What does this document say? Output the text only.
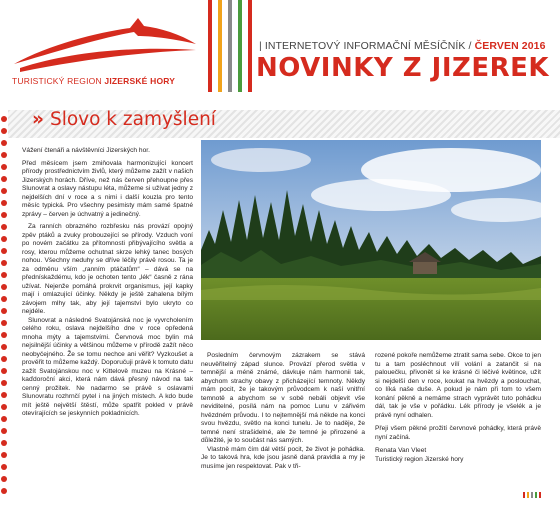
TURISTICKÝ REGION JIZERSKÉ HORY
| INTERNETOVÝ INFORMAČNÍ MĚSÍČNÍK / ČERVEN 2016
NOVINKY Z JIZEREK
» Slovo k zamyšlení

Vážení čtenáři a návštěvníci Jizerských hor.

Před měsícem jsem zmiňovala harmonizující koncert přírody prostřednictvím živlů, který můžeme zažít v našich Jizerských horách. Dříve, než nás červen přehoupne přes Slunovrat a oslavy nástupu léta, můžeme si užívat jedny z nejdelších dní v roce a s nimi i další kouzla pro tento měsíc typická. Pro všechny pesimisty mám samé špatné zprávy – červen je úchvatný a jedinečný.

Za ranních obrazného rozbřesku nás provází opojný zpěv ptáků a zvuky probouzející se přírody. Vzduch voní po novém začátku za přítomnosti přibývajícího světla a rosy, kterou můžeme ochutnat skrze lehký tanec bosých nohou. Všechny neduhy se dříve léčily právě rosou. Ta je za odměnu vším „ranním ptáčatům“ – dává se na přednískaždému, kdo je ochoten tento „lék“ časně z rána užívat. Nejenže pomáhá prokrvit organismus, její kapky mají i omlazující účinky. Někdy je ještě zahalena bílým závojem mlhy tak, aby její tajemství bylo ukryto co nejdéle.

Slunovrat a následné Svatojánská noc je vyvrcholením celého roku, oslava nejdelšího dne v roce opředená mnoha mýty a tajemstvími. Červnová moc bylin má nejsilnější účinky a většinou můžeme v přírodě zažít něco neobyčejného. Že se tomu nechce ani věřit? Vyzkoušet a prověřit to můžeme každý. Doporučuji právě k tomuto datu zažít Svatojánskou noc v Kittelově muzeu na Krásné – kaďdoroční akci, která nám dává přesný návod na tak cenný prožitek. Ne nadarmo se právě s oslavami Slunovratu rozhrnčí pytel i na jiných místech. A kdo bude mít ještě největší štěstí, může spatřit pokled v právě otevírajících se jeskynních pokladnicích.

Posledním červnovým zázrakem se stává neuvěřitelný západ slunce. Provází přerod světla v temnější a méně známé, dávkuje nám harmonii tak, abychom strachy obavy z přicházející temnoty. Někdy mám pocit, že je takovým průvodcem k naší vnitřní temnotě a abychom se v sobě nebáli objevit vše neviditelné, posílá nám na pomoc Lunu v zářivém hvězdném průvodu. I to nejtemnější má někde na konci svou hvězdu, světlo na konci tunelu. Je to naděje, že temné není strašidelné, ale že temné je přirozené a důležité, je to součást nás samých.

Vlastně mám čím dál větší pocit, že život je pohádka. Je to taková hra, kde jsou jasně daná pravidla a my je musíme jen respektovat. Pak v tři-

rozené pokoře nemůžeme ztratit sama sebe. Okce to jen tu a tam posléchnout vílí volání a zatančit si na palouečku, přivonět si ke krásné či léčivé květince, užít si nejdelší den v roce, koukat na hvězdy a poslouchat, co líká naše duše. A pokud je nám při tom to všem konání pěkně a nemáme strach vyprávět tuto pohádku dál, tak je vše v pořádku. Lék přírody je všelék a je právě nyní odhalen.

Přeji všem pěkné prožití červnové pohádky, která právě nyní začíná.

Renata Van Vleet
Turistický region Jizerské hory
